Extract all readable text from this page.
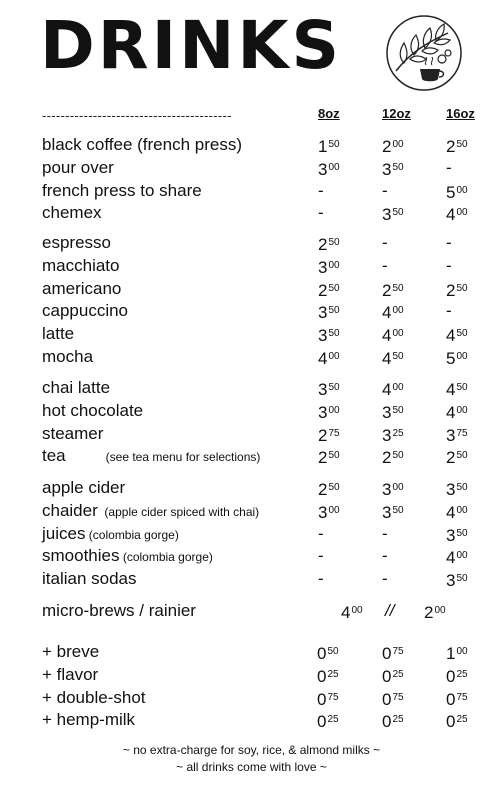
DRINKS
-----------------------------------------	8oz	12oz	16oz
black coffee (french press)	$1^{50}$ $2^{00}$ $2^{50}$
pour over	$3^{00}$ $3^{50}$ -
french press to share	-	-	$5^{00}$
chemex	-	$3^{50}$ $4^{00}$
espresso	$2^{50}$ -	-
macchiato	$3^{00}$ -	-
americano	$2^{50}$ $2^{50}$ $2^{50}$
cappuccino	$3^{50}$ $4^{00}$ -
latte	$3^{50}$ $4^{00}$ $4^{50}$
mocha	$4^{00}$ $4^{50}$ $5^{00}$
chai latte	$3^{50}$ $4^{00}$ $4^{50}$
hot chocolate	$3^{00}$ $3^{50}$ $4^{00}$
steamer	$2^{75}$ $3^{25}$ $3^{75}$
tea            (see tea menu for selections)	$2^{50}$ $2^{50}$ $2^{50}$
apple cider	$2^{50}$ $3^{00}$ $3^{50}$
chaider  (apple cider spiced with chai)	$3^{00}$ $3^{50}$ $4^{00}$
juices (colombia gorge)	-	-	$3^{50}$
smoothies (colombia gorge)	-	-	$4^{00}$
italian sodas	-	-	$3^{50}$
+ breve	$0^{50}$	$0^{75}$ $1^{00}$
+ flavor	$0^{25}$	$0^{25}$ $0^{25}$
+ double-shot	$0^{75}$	$0^{75}$ $0^{75}$
+ hemp-milk	$0^{25}$	$0^{25}$ $0^{25}$
micro-brews / rainier	$4^{00} // 2^{00}$
~ no extra-charge for soy, rice, & almond milks ~
~ all drinks come with love ~
